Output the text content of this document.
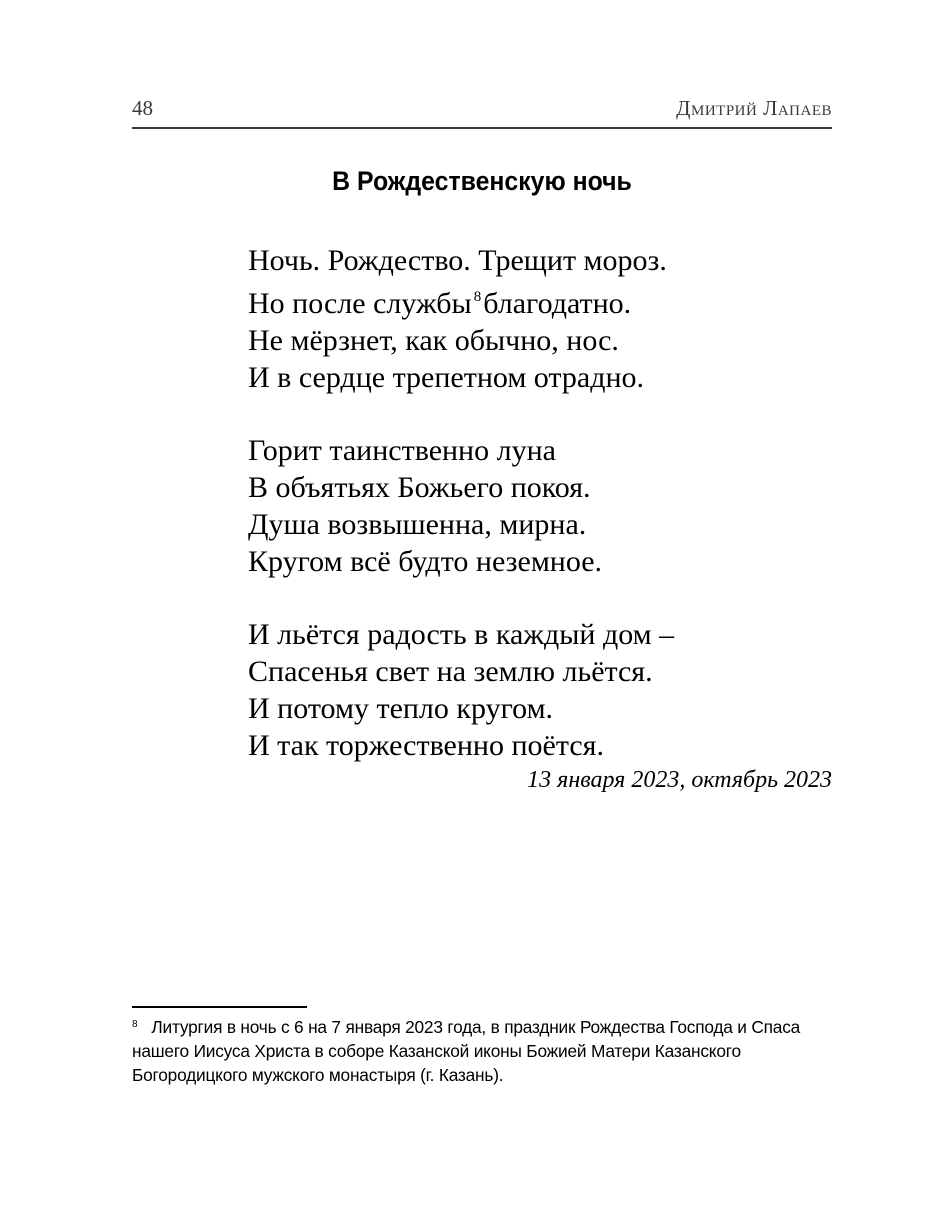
48	Дмитрий Лапаев
В Рождественскую ночь
Ночь. Рождество. Трещит мороз.
Но после службы $^8$благодатно.
Не мёрзнет, как обычно, нос.
И в сердце трепетном отрадно.
Горит таинственно луна
В объятьях Божьего покоя.
Душа возвышенна, мирна.
Кругом всё будто неземное.
И льётся радость в каждый дом –
Спасенья свет на землю льётся.
И потому тепло кругом.
И так торжественно поётся.
13 января 2023, октябрь 2023
$^8$ Литургия в ночь с 6 на 7 января 2023 года, в праздник Рождества Господа и Спаса нашего Иисуса Христа в соборе Казанской иконы Божией Матери Казанского Богородицкого мужского монастыря (г. Казань).
